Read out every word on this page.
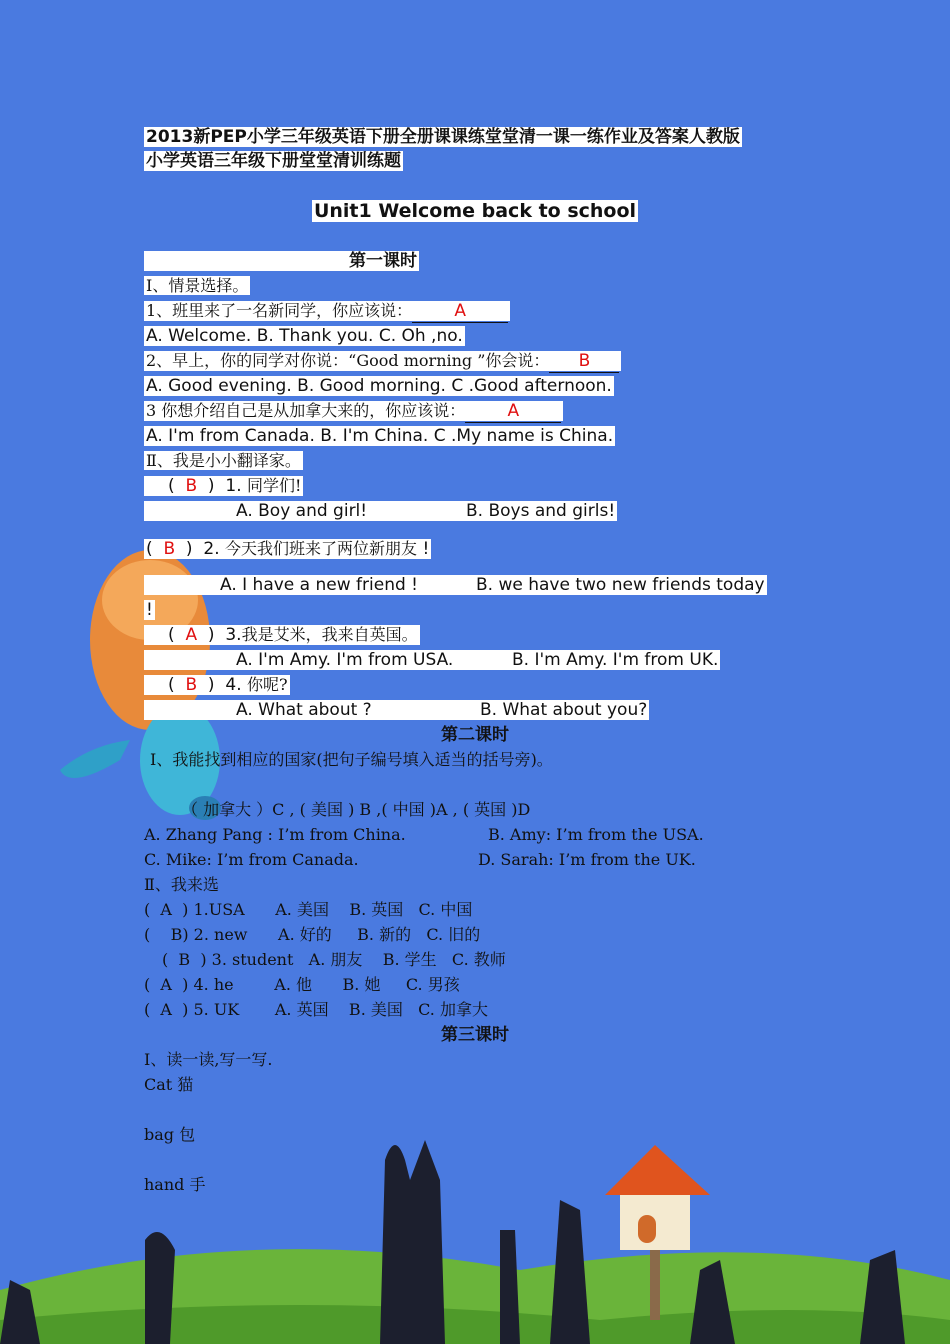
2013新PEP小学三年级英语下册全册课课练堂堂清一课一练作业及答案人教版
小学英语三年级下册堂堂清训练题
Unit1 Welcome back to school
第一课时
Ⅰ、情景选择。
1、班里来了一名新同学，你应该说： A
A. Welcome. B. Thank you. C. Oh ,no.
2、早上，你的同学对你说：“Good morning ”你会说： B
A. Good evening. B. Good morning. C .Good afternoon.
3 你想介绍自己是从加拿大来的，你应该说： A
A. I'm from Canada. B. I'm China. C .My name is China.
Ⅱ、我是小小翻译家。
(  B  )  1. 同学们!
A. Boy and girl!	B. Boys and girls!
(  B  )  2. 今天我们班来了两位新朋友 !
A. I have a new friend !	B. we have two new friends today
!
(  A  )  3.我是艾米，我来自英国。
A. I'm Amy. I'm from USA.	B. I'm Amy. I'm from UK.
(  B  )  4. 你呢?
A. What about ?	B. What about you?
第二课时
Ⅰ、我能找到相应的国家(把句子编号填入适当的括号旁)。
（ 加拿大 ）C , ( 美国 ) B ,( 中国 )A , ( 英国 )D
A. Zhang Pang : I’m from China.	B. Amy: I’m from the USA.
C. Mike: I’m from Canada.	D. Sarah: I’m from the UK.
Ⅱ、我来选
(  A  ) 1.USA      A. 美国    B. 英国   C. 中国
(    B) 2. new      A. 好的     B. 新的   C. 旧的
(  B  ) 3. student   A. 朋友    B. 学生   C. 教师
(  A  ) 4. he        A. 他      B. 她     C. 男孩
(  A  ) 5. UK       A. 英国    B. 美国   C. 加拿大
第三课时
Ⅰ、读一读,写一写.
Cat 猫
bag 包
hand 手
